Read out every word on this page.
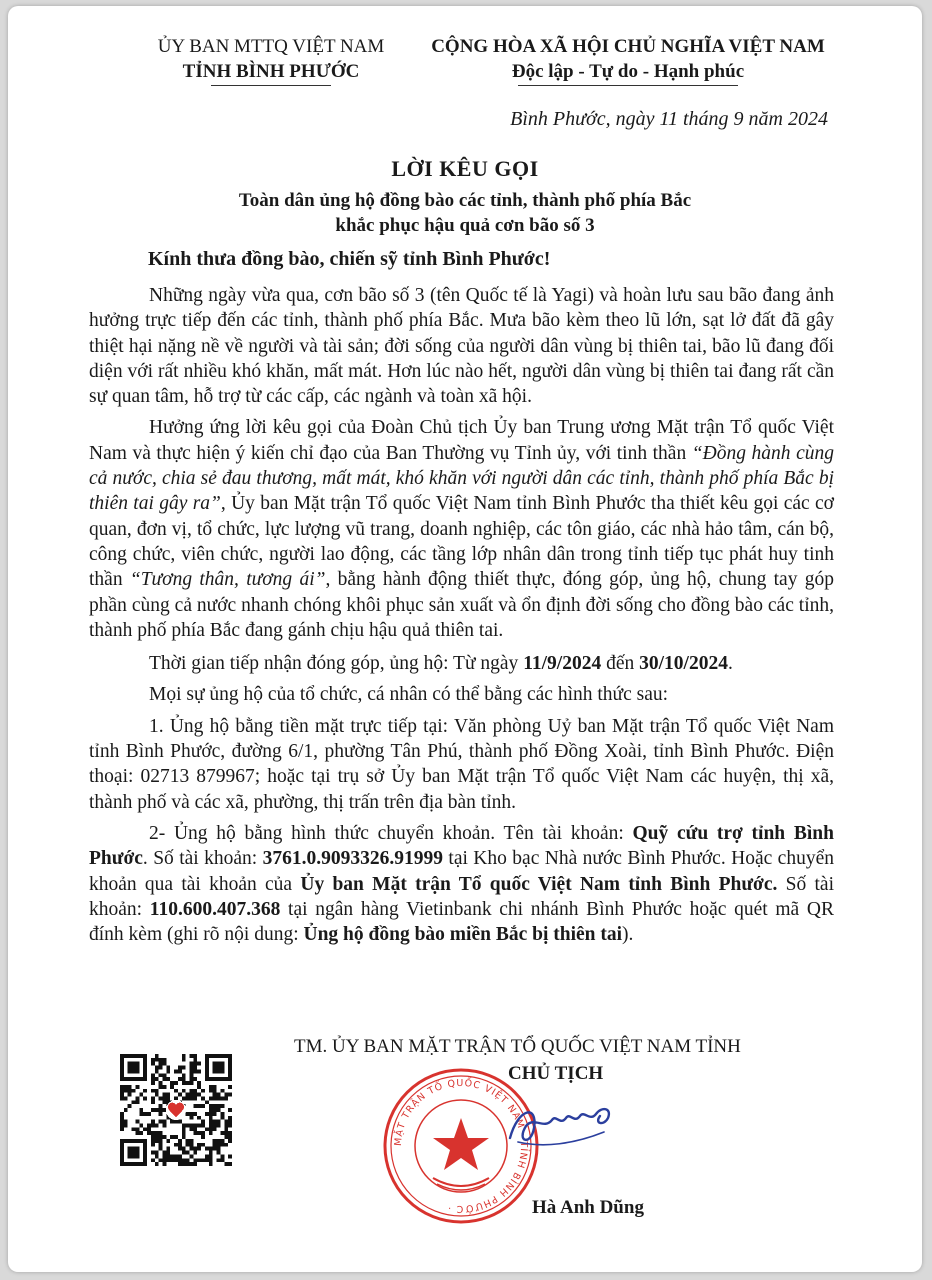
ỦY BAN MTTQ VIỆT NAM
TỈNH BÌNH PHƯỚC
CỘNG HÒA XÃ HỘI CHỦ NGHĨA VIỆT NAM
Độc lập - Tự do - Hạnh phúc
Bình Phước, ngày 11 tháng 9 năm 2024
LỜI KÊU GỌI
Toàn dân ủng hộ đồng bào các tỉnh, thành phố phía Bắc
khắc phục hậu quả cơn bão số 3
Kính thưa đồng bào, chiến sỹ tỉnh Bình Phước!

Những ngày vừa qua, cơn bão số 3 (tên Quốc tế là Yagi) và hoàn lưu sau bão đang ảnh hưởng trực tiếp đến các tỉnh, thành phố phía Bắc. Mưa bão kèm theo lũ lớn, sạt lở đất đã gây thiệt hại nặng nề về người và tài sản; đời sống của người dân vùng bị thiên tai, bão lũ đang đối diện với rất nhiều khó khăn, mất mát. Hơn lúc nào hết, người dân vùng bị thiên tai đang rất cần sự quan tâm, hỗ trợ từ các cấp, các ngành và toàn xã hội.

Hưởng ứng lời kêu gọi của Đoàn Chủ tịch Ủy ban Trung ương Mặt trận Tổ quốc Việt Nam và thực hiện ý kiến chỉ đạo của Ban Thường vụ Tỉnh ủy, với tinh thần “Đồng hành cùng cả nước, chia sẻ đau thương, mất mát, khó khăn với người dân các tỉnh, thành phố phía Bắc bị thiên tai gây ra”, Ủy ban Mặt trận Tổ quốc Việt Nam tỉnh Bình Phước tha thiết kêu gọi các cơ quan, đơn vị, tổ chức, lực lượng vũ trang, doanh nghiệp, các tôn giáo, các nhà hảo tâm, cán bộ, công chức, viên chức, người lao động, các tầng lớp nhân dân trong tỉnh tiếp tục phát huy tinh thần “Tương thân, tương ái”, bằng hành động thiết thực, đóng góp, ủng hộ, chung tay góp phần cùng cả nước nhanh chóng khôi phục sản xuất và ổn định đời sống cho đồng bào các tỉnh, thành phố phía Bắc đang gánh chịu hậu quả thiên tai.

Thời gian tiếp nhận đóng góp, ủng hộ: Từ ngày 11/9/2024 đến 30/10/2024.

Mọi sự ủng hộ của tổ chức, cá nhân có thể bằng các hình thức sau:

1. Ủng hộ bằng tiền mặt trực tiếp tại: Văn phòng Uỷ ban Mặt trận Tổ quốc Việt Nam tỉnh Bình Phước, đường 6/1, phường Tân Phú, thành phố Đồng Xoài, tỉnh Bình Phước. Điện thoại: 02713 879967; hoặc tại trụ sở Ủy ban Mặt trận Tổ quốc Việt Nam các huyện, thị xã, thành phố và các xã, phường, thị trấn trên địa bàn tỉnh.

2- Ủng hộ bằng hình thức chuyển khoản. Tên tài khoản: Quỹ cứu trợ tỉnh Bình Phước. Số tài khoản: 3761.0.9093326.91999 tại Kho bạc Nhà nước Bình Phước. Hoặc chuyển khoản qua tài khoản của Ủy ban Mặt trận Tổ quốc Việt Nam tỉnh Bình Phước. Số tài khoản: 110.600.407.368 tại ngân hàng Vietinbank chi nhánh Bình Phước hoặc quét mã QR đính kèm (ghi rõ nội dung: Ủng hộ đồng bào miền Bắc bị thiên tai).

TM. ỦY BAN MẶT TRẬN TỔ QUỐC VIỆT NAM TỈNH
CHỦ TỊCH
MẶT TRẬN TỔ QUỐC VIỆT NAM · TỈNH BÌNH PHƯỚC ·	Hà Anh Dũng
